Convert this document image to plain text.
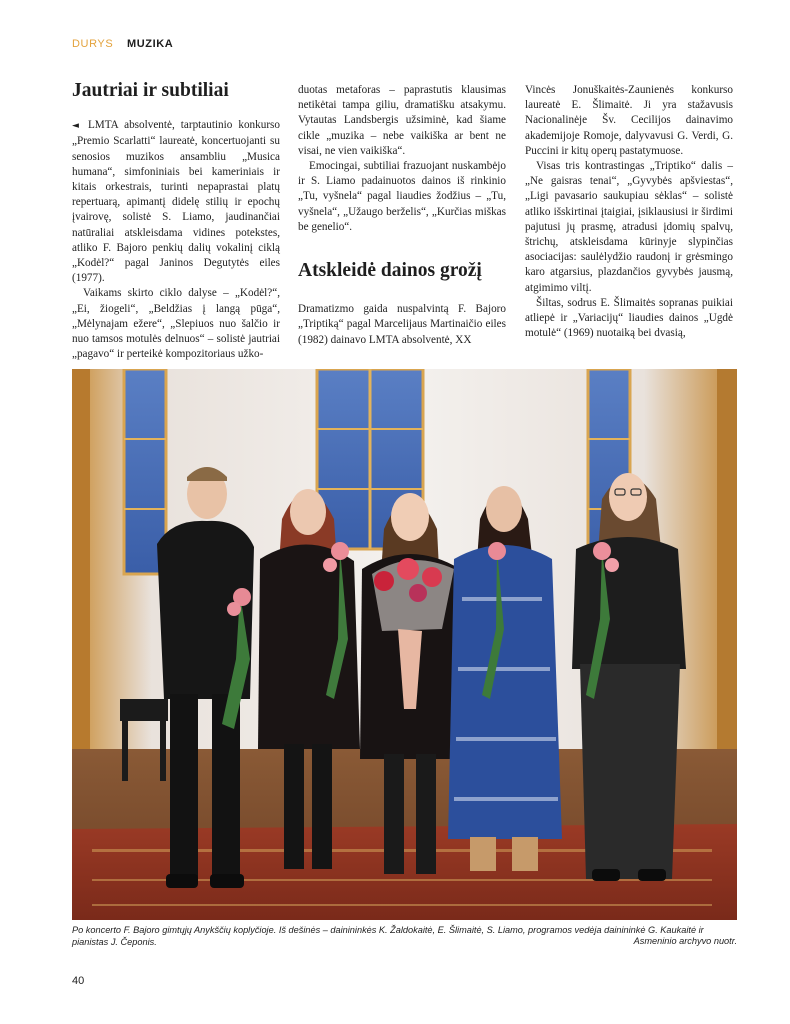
DURYS MUZIKA
Jautriai ir subtiliai

◄ LMTA absolventė, tarptautinio konkurso „Premio Scarlatti“ laureatė, koncertuojanti su senosios muzikos ansambliu „Musica humana“, simfoniniais bei kameriniais ir kitais orkestrais, turinti nepaprastai platų repertuarą, apimantį didelę stilių ir epochų įvairovę, solistė S. Liamo, jaudinančiai natūraliai atskleisdama vidines potekstes, atliko F. Bajoro penkių dalių vokalinį ciklą „Kodėl?“ pagal Janinos Degutytės eiles (1977).

Vaikams skirto ciklo dalyse – „Kodėl?“, „Ei, žiogeli“, „Beldžias į langą pūga“, „Mėlynajam ežere“, „Slepiuos nuo šalčio ir nuo tamsos motulės delnuos“ – solistė jautriai „pagavo“ ir perteikė kompozitoriaus užko-

duotas metaforas – paprastutis klausimas netikėtai tampa giliu, dramatišku atsakymu. Vytautas Landsbergis užsiminė, kad šiame cikle „muzika – nebe vaikiška ar bent ne visai, ne vien vaikiška“.

Emocingai, subtiliai frazuojant nuskambėjo ir S. Liamo padainuotos dainos iš rinkinio „Tu, vyšnela“ pagal liaudies žodžius – „Tu, vyšnela“, „Užaugo berželis“, „Kurčias miškas be genelio“.

Atskleidė dainos grožį

Dramatizmo gaida nuspalvintą F. Bajoro „Triptiką“ pagal Marcelijaus Martinaičio eiles (1982) dainavo LMTA absolventė, XX

Vincės Jonuškaitės-Zaunienės konkurso laureatė E. Šlimaitė. Ji yra stažavusis Nacionalinėje Šv. Cecilijos dainavimo akademijoje Romoje, dalyvavusi G. Verdi, G. Puccini ir kitų operų pastatymuose.

Visas tris kontrastingas „Triptiko“ dalis – „Ne gaisras tenai“, „Gyvybės apšviestas“, „Ligi pavasario saukupiau sėklas“ – solistė atliko išskirtinai įtaigiai, įsiklausiusi ir širdimi pajutusi jų prasmę, atradusi įdomių spalvų, štrichų, atskleisdama kūrinyje slypinčias asociacijas: saulėlydžio raudonį ir grėsmingo karo atgarsius, plazdančios gyvybės jausmą, atgimimo viltį.

Šiltas, sodrus E. Šlimaitės sopranas puikiai atliepė ir „Variacijų“ liaudies dainos „Ugdė motulė“ (1969) nuotaiką bei dvasią,

Po koncerto F. Bajoro gimtųjų Anykščių koplyčioje. Iš dešinės – dainininkės K. Žaldokaitė, E. Šlimaitė, S. Liamo, programos vedėja dainininkė G. Kaukaitė ir pianistas J. Čeponis.	Asmeninio archyvo nuotr.
40
